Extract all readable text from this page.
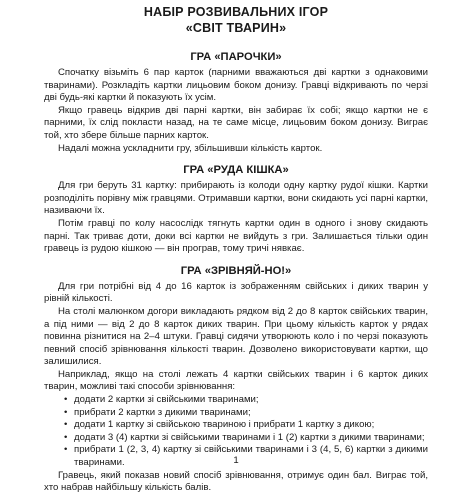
НАБІР РОЗВИВАЛЬНИХ ІГОР
«СВІТ ТВАРИН»
ГРА «ПАРОЧКИ»

Спочатку візьміть 6 пар карток (парними вважаються дві картки з однаковими тваринами). Розкладіть картки лицьовим боком донизу. Гравці відкривають по черзі дві будь-які картки й показують їх усім.

Якщо гравець відкрив дві парні картки, він забирає їх собі; якщо картки не є парними, їх слід покласти назад, на те саме місце, лицьовим боком донизу. Виграє той, хто збере більше парних карток.

Надалі можна ускладнити гру, збільшивши кількість карток.

ГРА «РУДА КІШКА»

Для гри беруть 31 картку: прибирають із колоди одну картку рудої кішки. Картки розподіліть порівну між гравцями. Отримавши картки, вони скидають усі парні картки, називаючи їх.

Потім гравці по колу насослідк тягнуть картки один в одного і знову скидають парні. Так триває доти, доки всі картки не вийдуть з гри. Залишається тільки один гравець із рудою кішкою — він програв, тому тричі нявкає.

ГРА «ЗРІВНЯЙ-НО!»

Для гри потрібні від 4 до 16 карток із зображенням свійських і диких тварин у рівній кількості.

На столі малюнком догори викладають рядком від 2 до 8 карток свійських тварин, а під ними — від 2 до 8 карток диких тварин. При цьому кількість карток у рядах повинна різнитися на 2–4 штуки. Гравці сидячи утворюють коло і по черзі показують певний спосіб зрівнювання кількості тварин. Дозволено використовувати картки, що залишилися.

Наприклад, якщо на столі лежать 4 картки свійських тварин і 6 карток диких тварин, можливі такі способи зрівнювання:

• додати 2 картки зі свійськими тваринами;
• прибрати 2 картки з дикими тваринами;
• додати 1 картку зі свійською твариною і прибрати 1 картку з дикою;
• додати 3 (4) картки зі свійськими тваринами і 1 (2) картки з дикими тваринами;
• прибрати 1 (2, 3, 4) картку зі свійськими тваринами і 3 (4, 5, 6) картки з дикими тваринами.

Гравець, який показав новий спосіб зрівнювання, отримує один бал. Виграє той, хто набрав найбільшу кількість балів.

1
